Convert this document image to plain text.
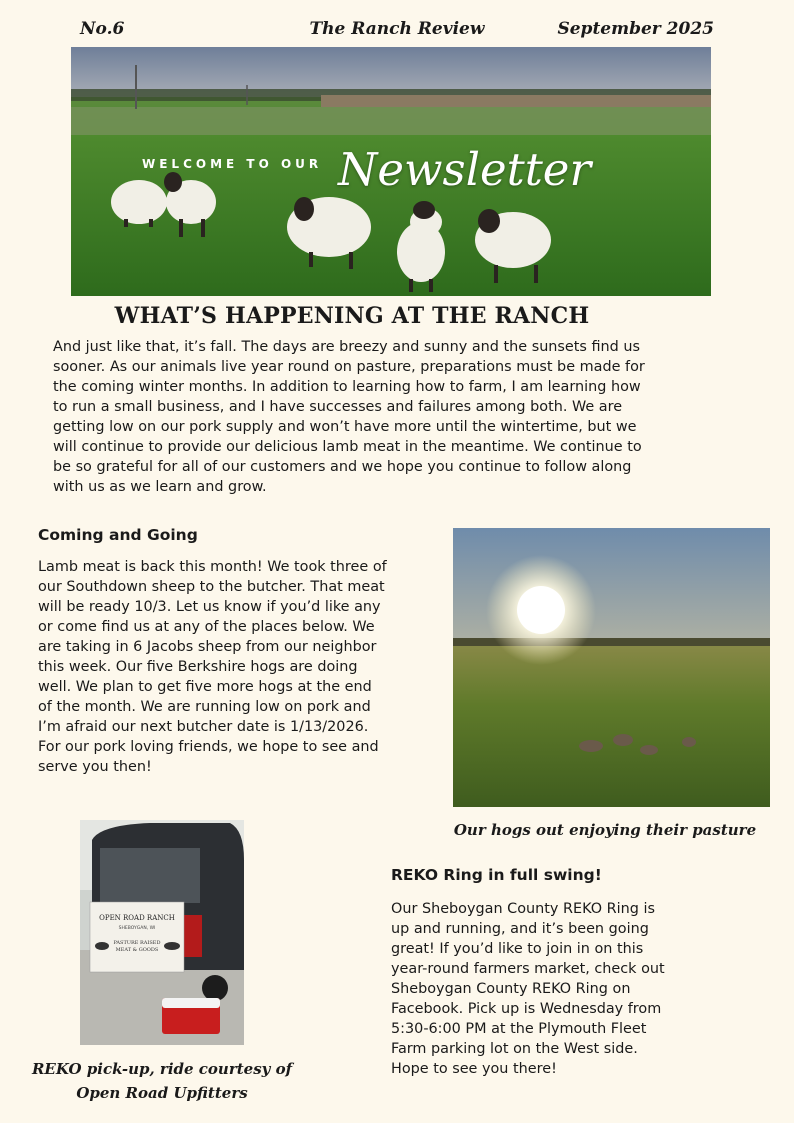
No.6	The Ranch Review	September 2025
WELCOME TO OUR Newsletter
WHAT’S HAPPENING AT THE RANCH
And just like that, it’s fall. The days are breezy and sunny and the sunsets find us
sooner. As our animals live year round on pasture, preparations must be made for
the coming winter months. In addition to learning how to farm, I am learning how
to run a small business, and I have successes and failures among both. We are
getting low on our pork supply and won’t have more until the wintertime, but we
will continue to provide our delicious lamb meat in the meantime. We continue to
be so grateful for all of our customers and we hope you continue to follow along
with us as we learn and grow.
Coming and Going
Lamb meat is back this month! We took three of
our Southdown sheep to the butcher. That meat
will be ready 10/3. Let us know if you’d like any
or come find us at any of the places below. We
are taking in 6 Jacobs sheep from our neighbor
this week. Our five Berkshire hogs are doing
well. We plan to get five more hogs at the end
of the month. We are running low on pork and
I’m afraid our next butcher date is 1/13/2026.
For our pork loving friends, we hope to see and
serve you then!
Our hogs out enjoying their pasture
OPEN ROAD RANCH
SHEBOYGAN, WI
PASTURE RAISED
MEAT & GOODS
REKO pick-up, ride courtesy of
Open Road Upfitters
REKO Ring in full swing!
Our Sheboygan County REKO Ring is
up and running, and it’s been going
great! If you’d like to join in on this
year-round farmers market, check out
Sheboygan County REKO Ring on
Facebook. Pick up is Wednesday from
5:30-6:00 PM at the Plymouth Fleet
Farm parking lot on the West side.
Hope to see you there!
